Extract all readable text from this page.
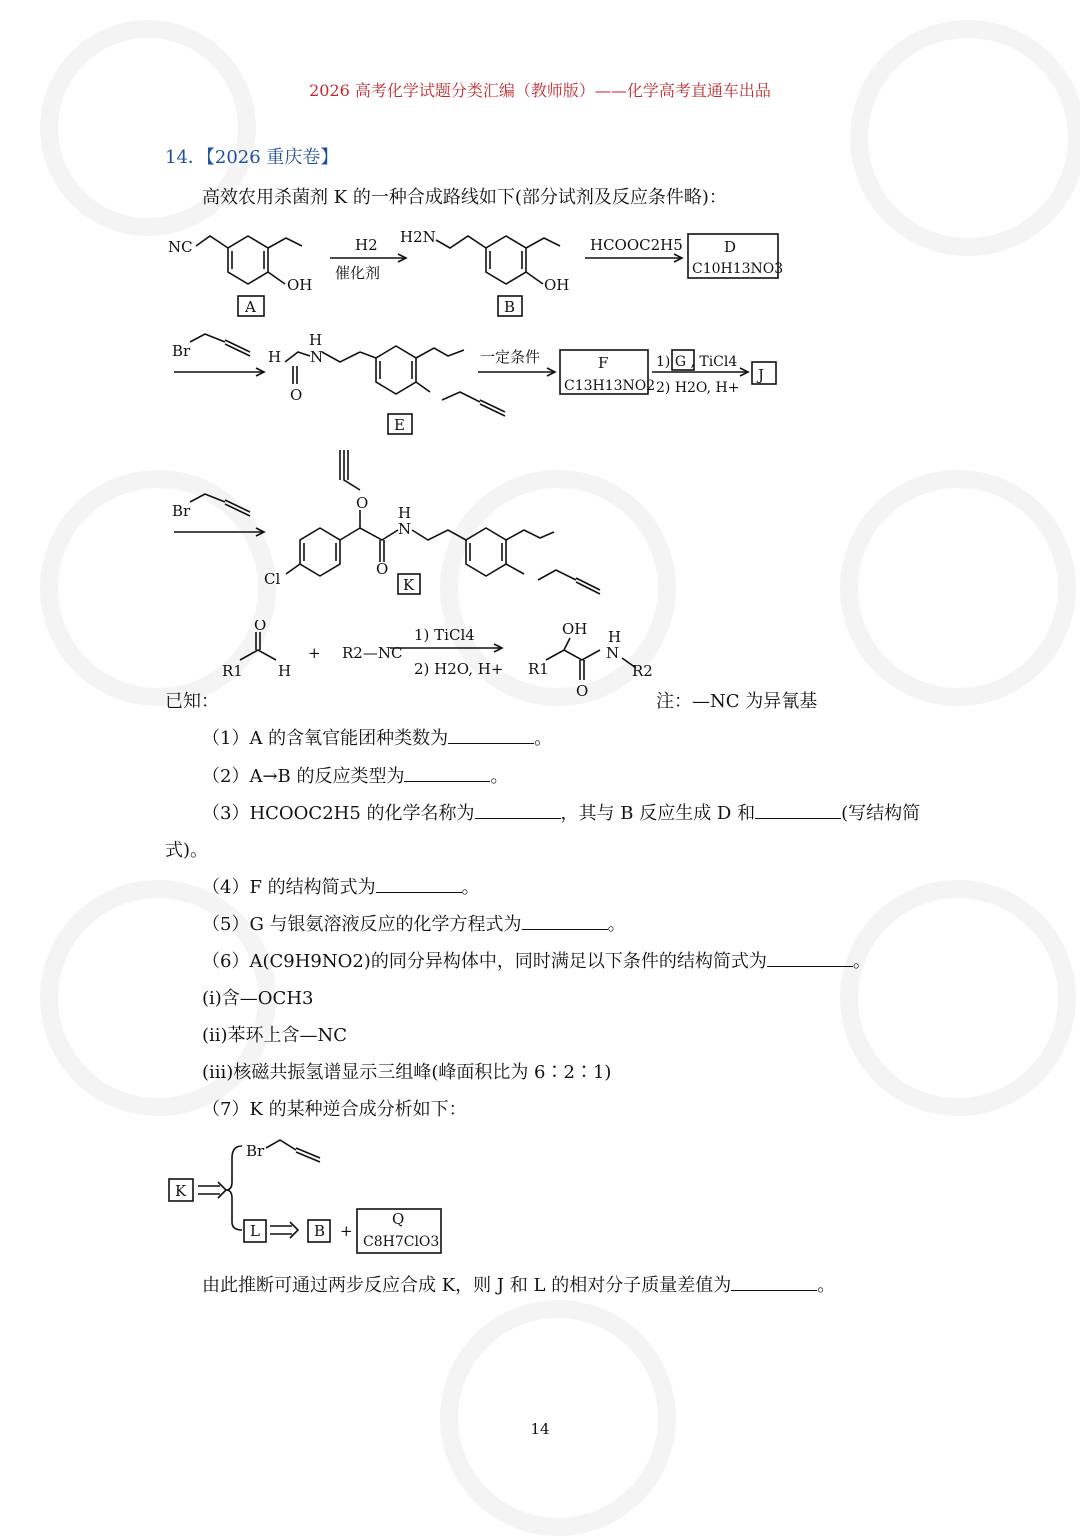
2026 高考化学试题分类汇编（教师版）——化学高考直通车出品
14．【2026 重庆卷】
高效农用杀菌剂 K 的一种合成路线如下(部分试剂及反应条件略)：
NC
OH
A
H2
催化剂
H2N
OH
B
HCOOC2H5	D
C10H13NO3
Br	H
H
N
O
E
一定条件	F
C13H13NO2
1) G , TiCl4
2) H2O, H+
J
Br	O
O
H
N
Cl	K
O
R1 H
+ R2—NC
1) TiCl4
2) H2O, H+ R1
OH H
N
R2
O
已知：	注：—NC 为异氰基
（1）A 的含氧官能团种类数为	。
（2）A→B 的反应类型为	。
（3）HCOOC2H5 的化学名称为	，其与 B 反应生成 D 和	(写结构简
式)。
（4）F 的结构简式为	。
（5）G 与银氨溶液反应的化学方程式为	。
（6）A(C9H9NO2)的同分异构体中，同时满足以下条件的结构简式为	。
(i)含—OCH3
(ii)苯环上含—NC
(iii)核磁共振氢谱显示三组峰(峰面积比为 6∶2∶1)
（7）K 的某种逆合成分析如下：
K
Br
L	B +
Q
C8H7ClO3
由此推断可通过两步反应合成 K，则 J 和 L 的相对分子质量差值为	。
14
